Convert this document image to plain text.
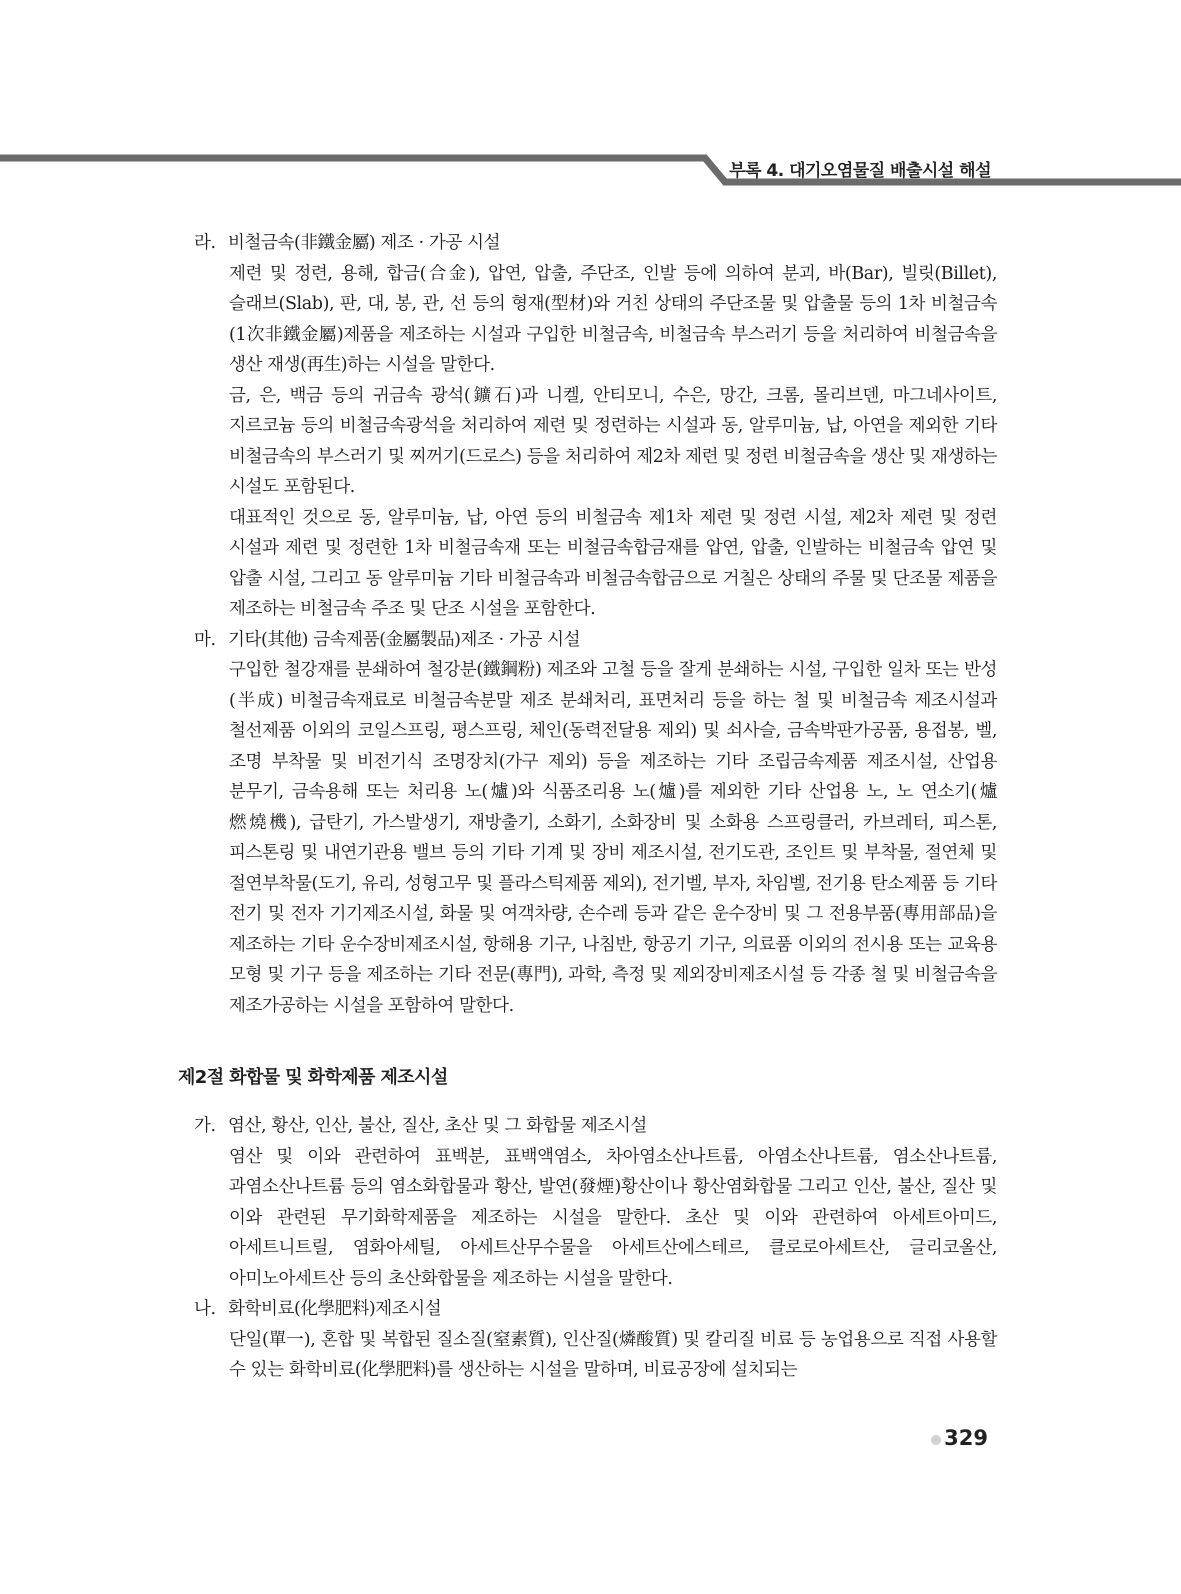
부록 4. 대기오염물질 배출시설 해설
라. 비철금속(非鐵金屬) 제조 · 가공 시설

제련 및 정련, 용해, 합금(合金), 압연, 압출, 주단조, 인발 등에 의하여 분괴, 바(Bar), 빌릿(Billet), 슬래브(Slab), 판, 대, 봉, 관, 선 등의 형재(型材)와 거친 상태의 주단조물 및 압출물 등의 1차 비철금속(1次非鐵金屬)제품을 제조하는 시설과 구입한 비철금속, 비철금속 부스러기 등을 처리하여 비철금속을 생산 재생(再生)하는 시설을 말한다.

금, 은, 백금 등의 귀금속 광석(鑛石)과 니켈, 안티모니, 수은, 망간, 크롬, 몰리브덴, 마그네사이트, 지르코늄 등의 비철금속광석을 처리하여 제련 및 정련하는 시설과 동, 알루미늄, 납, 아연을 제외한 기타 비철금속의 부스러기 및 찌꺼기(드로스) 등을 처리하여 제2차 제련 및 정련 비철금속을 생산 및 재생하는 시설도 포함된다.

대표적인 것으로 동, 알루미늄, 납, 아연 등의 비철금속 제1차 제련 및 정련 시설, 제2차 제련 및 정련 시설과 제련 및 정련한 1차 비철금속재 또는 비철금속합금재를 압연, 압출, 인발하는 비철금속 압연 및 압출 시설, 그리고 동 알루미늄 기타 비철금속과 비철금속합금으로 거칠은 상태의 주물 및 단조물 제품을 제조하는 비철금속 주조 및 단조 시설을 포함한다.

마. 기타(其他) 금속제품(金屬製品)제조 · 가공 시설

구입한 철강재를 분쇄하여 철강분(鐵鋼粉) 제조와 고철 등을 잘게 분쇄하는 시설, 구입한 일차 또는 반성(半成) 비철금속재료로 비철금속분말 제조 분쇄처리, 표면처리 등을 하는 철 및 비철금속 제조시설과 철선제품 이외의 코일스프링, 평스프링, 체인(동력전달용 제외) 및 쇠사슬, 금속박판가공품, 용접봉, 벨, 조명 부착물 및 비전기식 조명장치(가구 제외) 등을 제조하는 기타 조립금속제품 제조시설, 산업용 분무기, 금속용해 또는 처리용 노(爐)와 식품조리용 노(爐)를 제외한 기타 산업용 노, 노 연소기(爐 燃燒機), 급탄기, 가스발생기, 재방출기, 소화기, 소화장비 및 소화용 스프링클러, 카브레터, 피스톤, 피스톤링 및 내연기관용 밸브 등의 기타 기계 및 장비 제조시설, 전기도관, 조인트 및 부착물, 절연체 및 절연부착물(도기, 유리, 성형고무 및 플라스틱제품 제외), 전기벨, 부자, 차임벨, 전기용 탄소제품 등 기타 전기 및 전자 기기제조시설, 화물 및 여객차량, 손수레 등과 같은 운수장비 및 그 전용부품(專用部品)을 제조하는 기타 운수장비제조시설, 항해용 기구, 나침반, 항공기 기구, 의료품 이외의 전시용 또는 교육용 모형 및 기구 등을 제조하는 기타 전문(專門), 과학, 측정 및 제외장비제조시설 등 각종 철 및 비철금속을 제조가공하는 시설을 포함하여 말한다.

제2절 화합물 및 화학제품 제조시설
가. 염산, 황산, 인산, 불산, 질산, 초산 및 그 화합물 제조시설

염산 및 이와 관련하여 표백분, 표백액염소, 차아염소산나트륨, 아염소산나트륨, 염소산나트륨, 과염소산나트륨 등의 염소화합물과 황산, 발연(發煙)황산이나 황산염화합물 그리고 인산, 불산, 질산 및 이와 관련된 무기화학제품을 제조하는 시설을 말한다. 초산 및 이와 관련하여 아세트아미드, 아세트니트릴, 염화아세틸, 아세트산무수물을 아세트산에스테르, 클로로아세트산, 글리코올산, 아미노아세트산 등의 초산화합물을 제조하는 시설을 말한다.

나. 화학비료(化學肥料)제조시설

단일(單一), 혼합 및 복합된 질소질(窒素質), 인산질(燐酸質) 및 칼리질 비료 등 농업용으로 직접 사용할 수 있는 화학비료(化學肥料)를 생산하는 시설을 말하며, 비료공장에 설치되는

329
